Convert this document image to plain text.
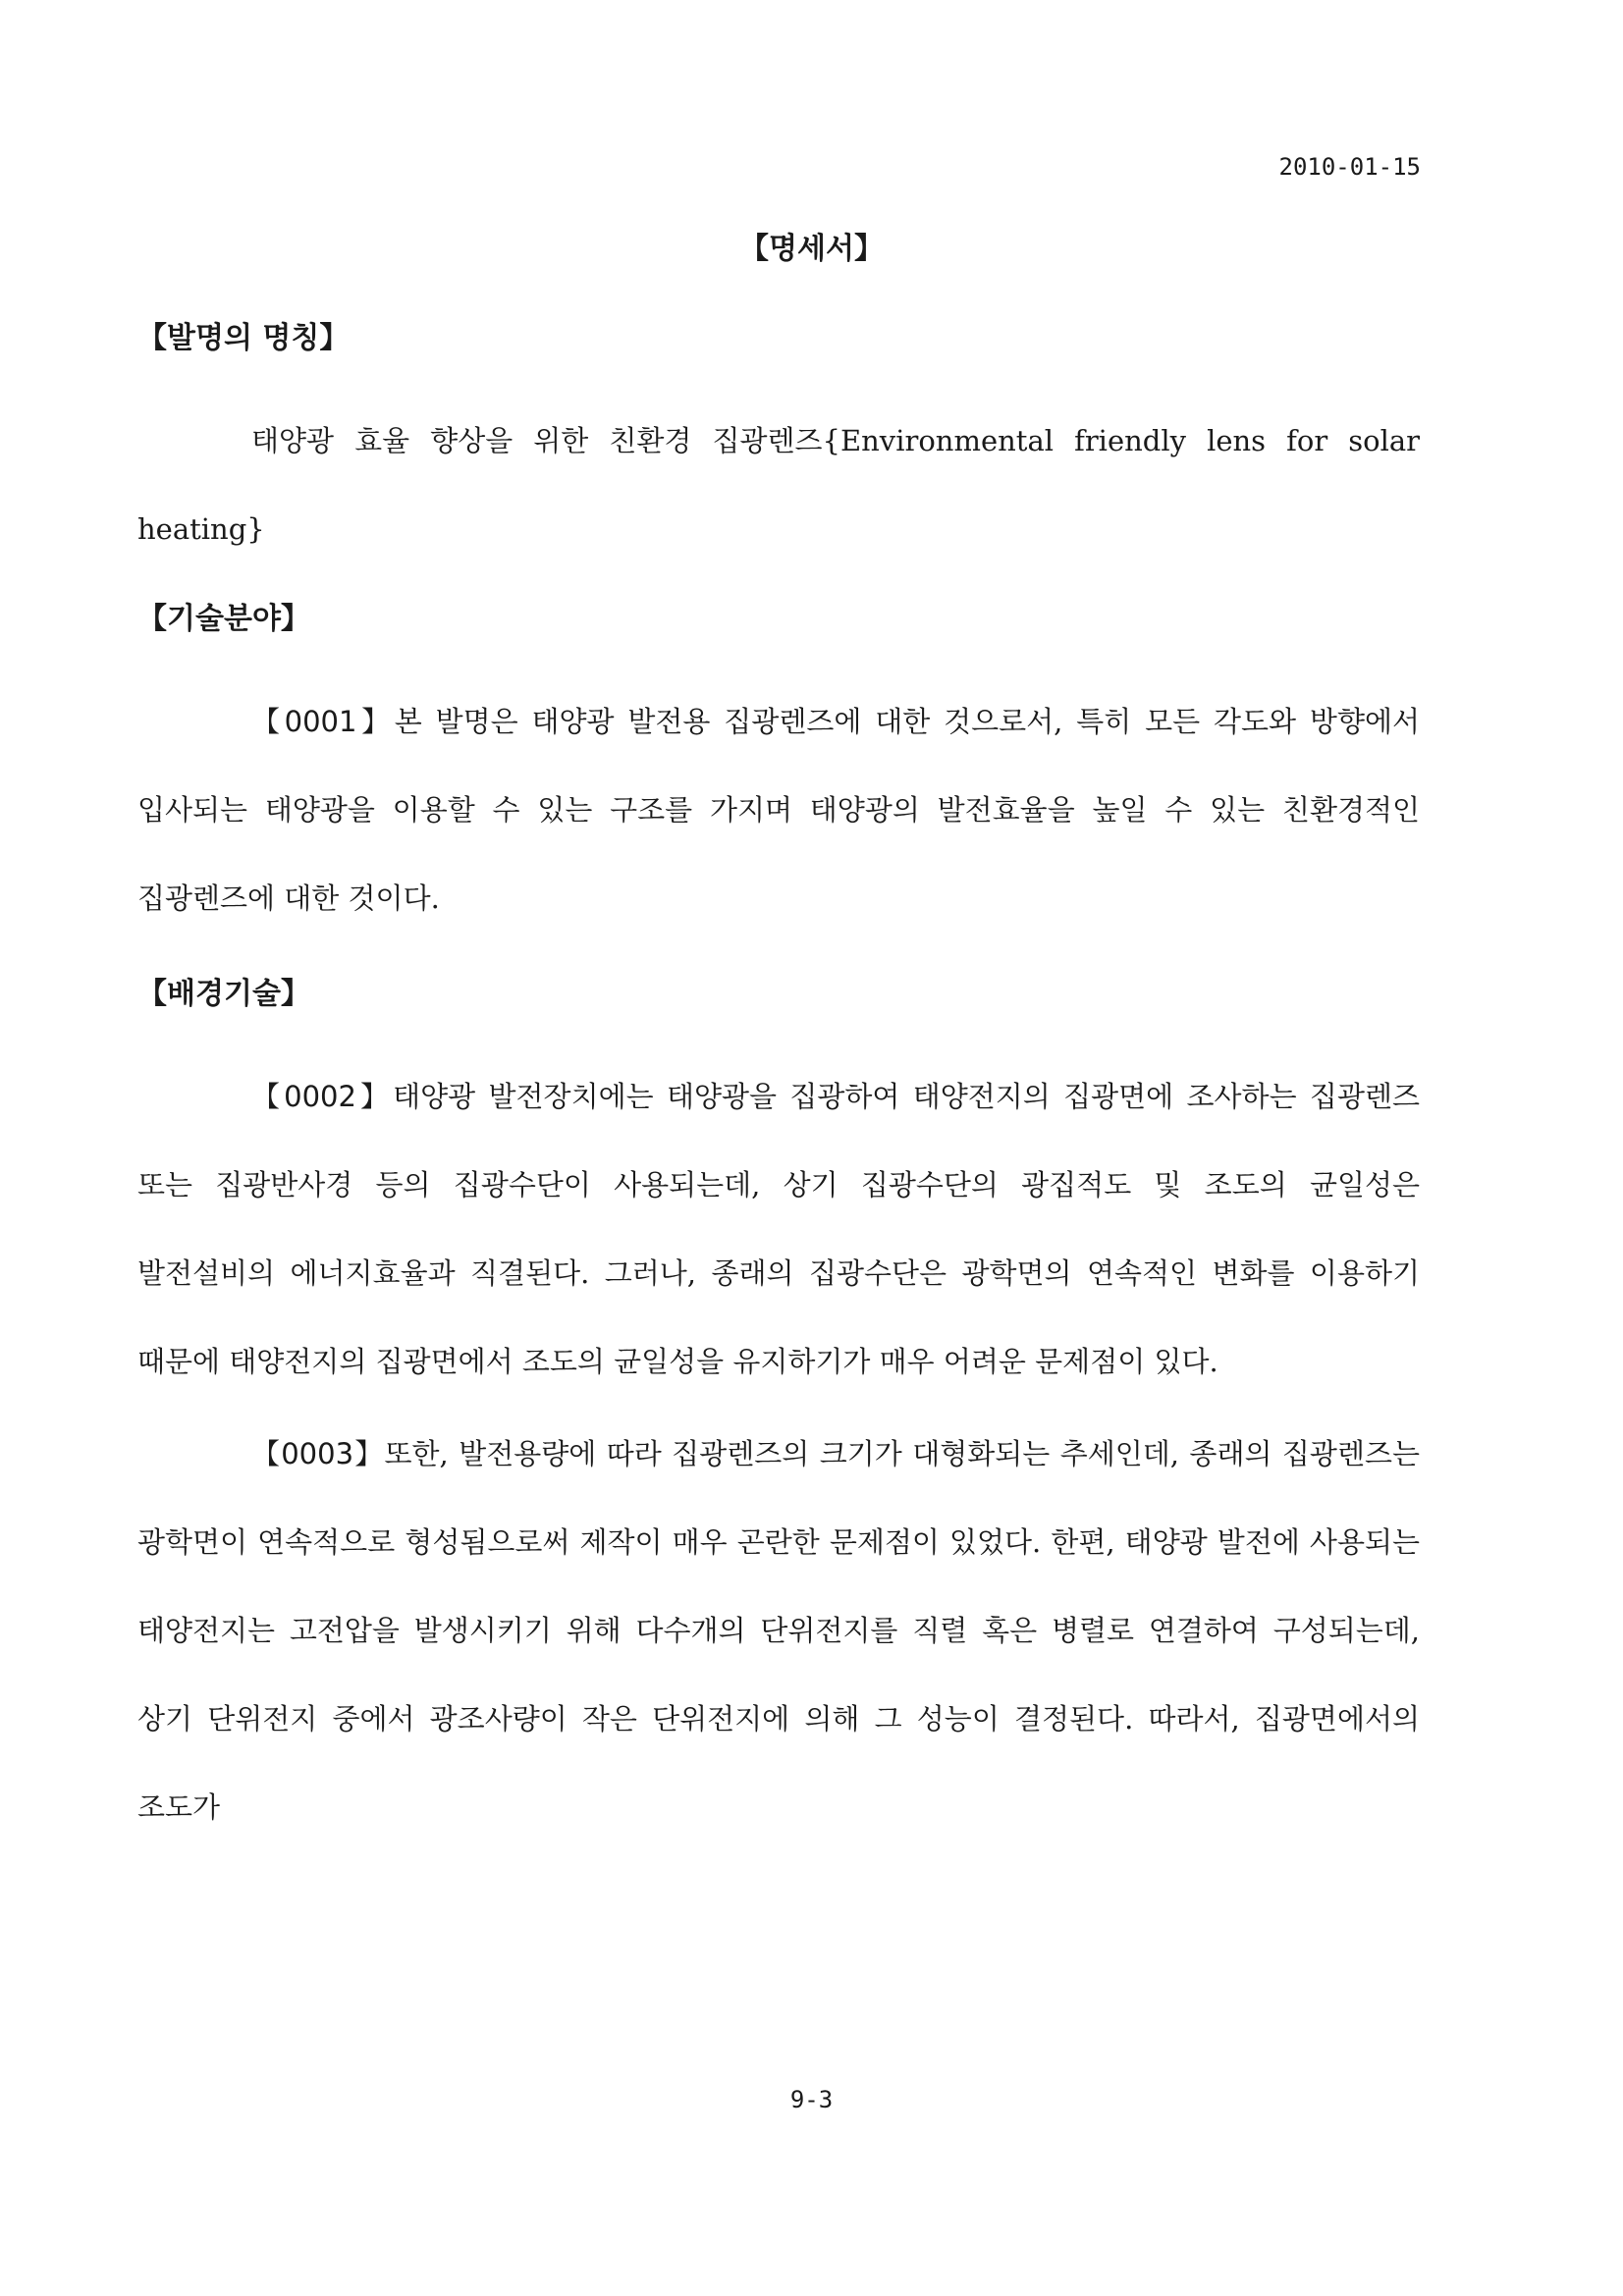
2010-01-15
【명세서】
【발명의 명칭】

태양광 효율 향상을 위한 친환경 집광렌즈{Environmental friendly lens for solar heating}

【기술분야】

【0001】본 발명은 태양광 발전용 집광렌즈에 대한 것으로서, 특히 모든 각도와 방향에서 입사되는 태양광을 이용할 수 있는 구조를 가지며 태양광의 발전효율을 높일 수 있는 친환경적인 집광렌즈에 대한 것이다.

【배경기술】

【0002】태양광 발전장치에는 태양광을 집광하여 태양전지의 집광면에 조사하는 집광렌즈 또는 집광반사경 등의 집광수단이 사용되는데, 상기 집광수단의 광집적도 및 조도의 균일성은 발전설비의 에너지효율과 직결된다. 그러나, 종래의 집광수단은 광학면의 연속적인 변화를 이용하기 때문에 태양전지의 집광면에서 조도의 균일성을 유지하기가 매우 어려운 문제점이 있다.

【0003】또한, 발전용량에 따라 집광렌즈의 크기가 대형화되는 추세인데, 종래의 집광렌즈는 광학면이 연속적으로 형성됨으로써 제작이 매우 곤란한 문제점이 있었다. 한편, 태양광 발전에 사용되는 태양전지는 고전압을 발생시키기 위해 다수개의 단위전지를 직렬 혹은 병렬로 연결하여 구성되는데, 상기 단위전지 중에서 광조사량이 작은 단위전지에 의해 그 성능이 결정된다. 따라서, 집광면에서의 조도가

9-3
